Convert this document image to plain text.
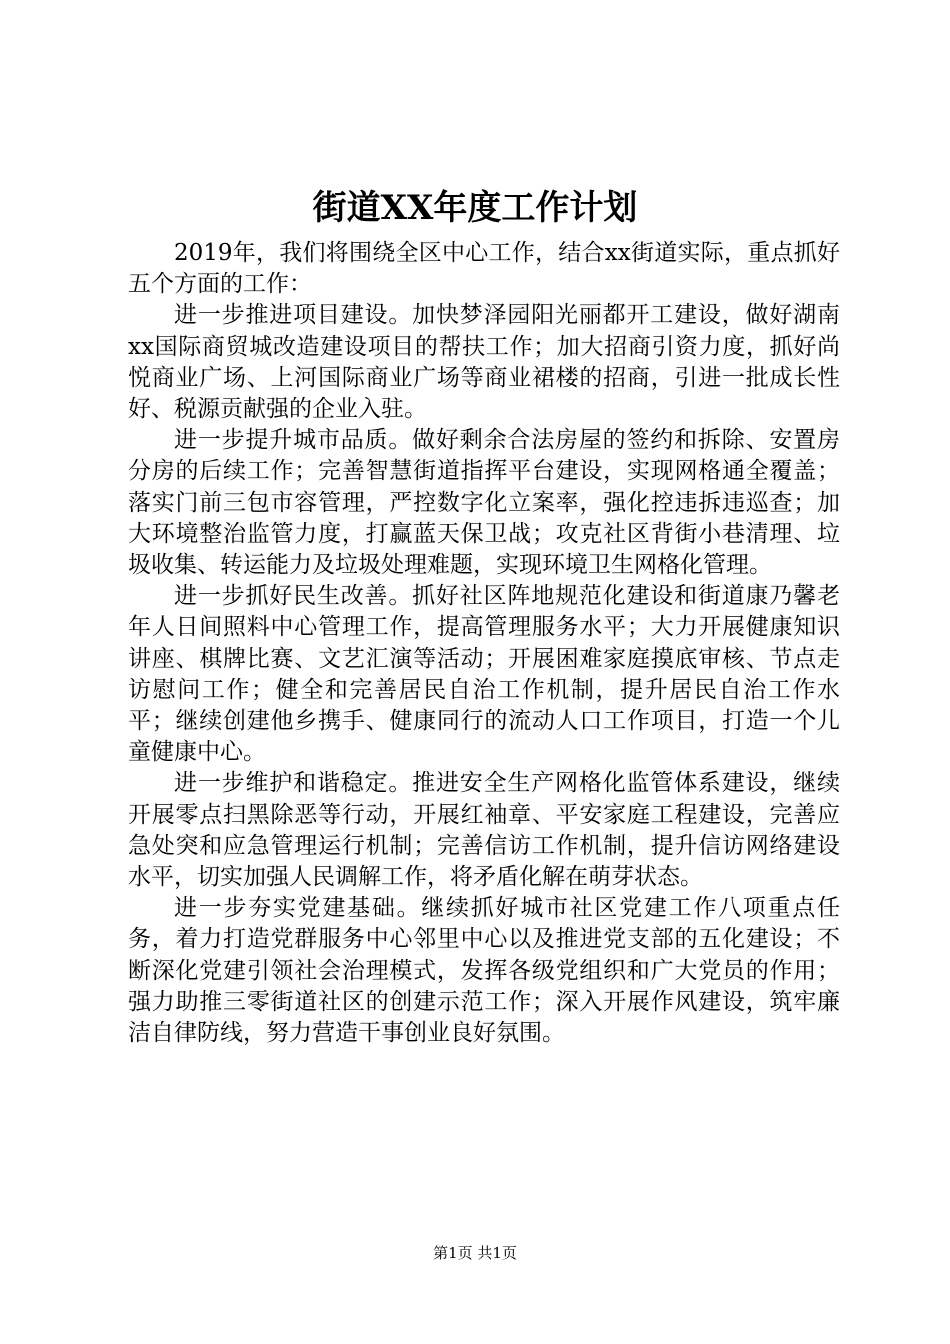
街道XX年度工作计划

2019年，我们将围绕全区中心工作，结合xx街道实际，重点抓好五个方面的工作：

进一步推进项目建设。加快梦泽园阳光丽都开工建设，做好湖南xx国际商贸城改造建设项目的帮扶工作；加大招商引资力度，抓好尚悦商业广场、上河国际商业广场等商业裙楼的招商，引进一批成长性好、税源贡献强的企业入驻。

进一步提升城市品质。做好剩余合法房屋的签约和拆除、安置房分房的后续工作；完善智慧街道指挥平台建设，实现网格通全覆盖；落实门前三包市容管理，严控数字化立案率，强化控违拆违巡查；加大环境整治监管力度，打赢蓝天保卫战；攻克社区背街小巷清理、垃圾收集、转运能力及垃圾处理难题，实现环境卫生网格化管理。

进一步抓好民生改善。抓好社区阵地规范化建设和街道康乃馨老年人日间照料中心管理工作，提高管理服务水平；大力开展健康知识讲座、棋牌比赛、文艺汇演等活动；开展困难家庭摸底审核、节点走访慰问工作；健全和完善居民自治工作机制，提升居民自治工作水平；继续创建他乡携手、健康同行的流动人口工作项目，打造一个儿童健康中心。

进一步维护和谐稳定。推进安全生产网格化监管体系建设，继续开展零点扫黑除恶等行动，开展红袖章、平安家庭工程建设，完善应急处突和应急管理运行机制；完善信访工作机制，提升信访网络建设水平，切实加强人民调解工作，将矛盾化解在萌芽状态。

进一步夯实党建基础。继续抓好城市社区党建工作八项重点任务，着力打造党群服务中心邻里中心以及推进党支部的五化建设；不断深化党建引领社会治理模式，发挥各级党组织和广大党员的作用；强力助推三零街道社区的创建示范工作；深入开展作风建设，筑牢廉洁自律防线，努力营造干事创业良好氛围。

第1页 共1页
